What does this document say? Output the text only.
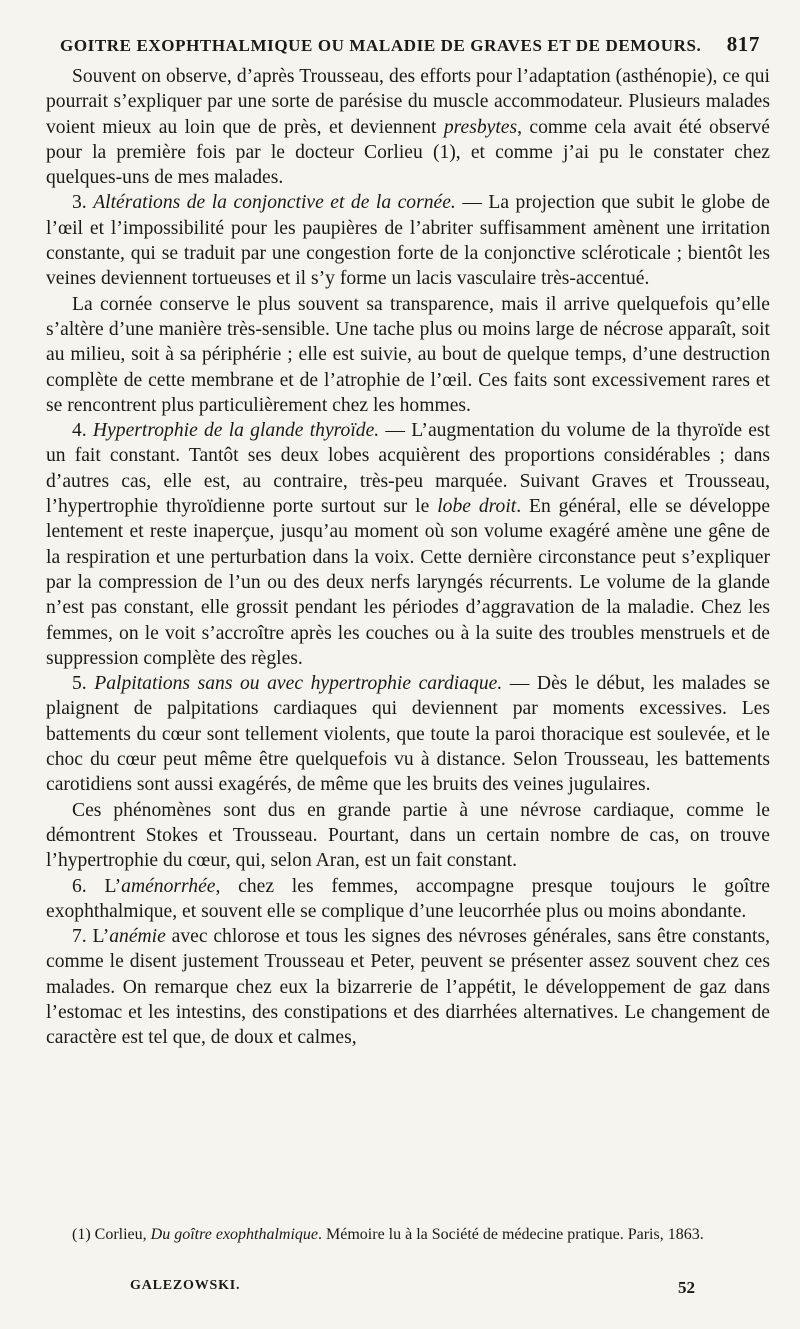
GOITRE EXOPHTHALMIQUE OU MALADIE DE GRAVES ET DE DEMOURS. 817

Souvent on observe, d’après Trousseau, des efforts pour l’adaptation (asthénopie), ce qui pourrait s’expliquer par une sorte de parésise du muscle accommodateur. Plusieurs malades voient mieux au loin que de près, et deviennent presbytes, comme cela avait été observé pour la première fois par le docteur Corlieu (1), et comme j’ai pu le constater chez quelques-uns de mes malades.

3. Altérations de la conjonctive et de la cornée. — La projection que subit le globe de l’œil et l’impossibilité pour les paupières de l’abriter suffisamment amènent une irritation constante, qui se traduit par une congestion forte de la conjonctive scléroticale ; bientôt les veines deviennent tortueuses et il s’y forme un lacis vasculaire très-accentué.

La cornée conserve le plus souvent sa transparence, mais il arrive quelquefois qu’elle s’altère d’une manière très-sensible. Une tache plus ou moins large de nécrose apparaît, soit au milieu, soit à sa périphérie ; elle est suivie, au bout de quelque temps, d’une destruction complète de cette membrane et de l’atrophie de l’œil. Ces faits sont excessivement rares et se rencontrent plus particulièrement chez les hommes.

4. Hypertrophie de la glande thyroïde. — L’augmentation du volume de la thyroïde est un fait constant. Tantôt ses deux lobes acquièrent des proportions considérables ; dans d’autres cas, elle est, au contraire, très-peu marquée. Suivant Graves et Trousseau, l’hypertrophie thyroïdienne porte surtout sur le lobe droit. En général, elle se développe lentement et reste inaperçue, jusqu’au moment où son volume exagéré amène une gêne de la respiration et une perturbation dans la voix. Cette dernière circonstance peut s’expliquer par la compression de l’un ou des deux nerfs laryngés récurrents. Le volume de la glande n’est pas constant, elle grossit pendant les périodes d’aggravation de la maladie. Chez les femmes, on le voit s’accroître après les couches ou à la suite des troubles menstruels et de suppression complète des règles.

5. Palpitations sans ou avec hypertrophie cardiaque. — Dès le début, les malades se plaignent de palpitations cardiaques qui deviennent par moments excessives. Les battements du cœur sont tellement violents, que toute la paroi thoracique est soulevée, et le choc du cœur peut même être quelquefois vu à distance. Selon Trousseau, les battements carotidiens sont aussi exagérés, de même que les bruits des veines jugulaires.

Ces phénomènes sont dus en grande partie à une névrose cardiaque, comme le démontrent Stokes et Trousseau. Pourtant, dans un certain nombre de cas, on trouve l’hypertrophie du cœur, qui, selon Aran, est un fait constant.

6. L’aménorrhée, chez les femmes, accompagne presque toujours le goître exophthalmique, et souvent elle se complique d’une leucorrhée plus ou moins abondante.

7. L’anémie avec chlorose et tous les signes des névroses générales, sans être constants, comme le disent justement Trousseau et Peter, peuvent se présenter assez souvent chez ces malades. On remarque chez eux la bizarrerie de l’appétit, le développement de gaz dans l’estomac et les intestins, des constipations et des diarrhées alternatives. Le changement de caractère est tel que, de doux et calmes,

(1) Corlieu, Du goître exophthalmique. Mémoire lu à la Société de médecine pratique. Paris, 1863.

GALEZOWSKI.	52
